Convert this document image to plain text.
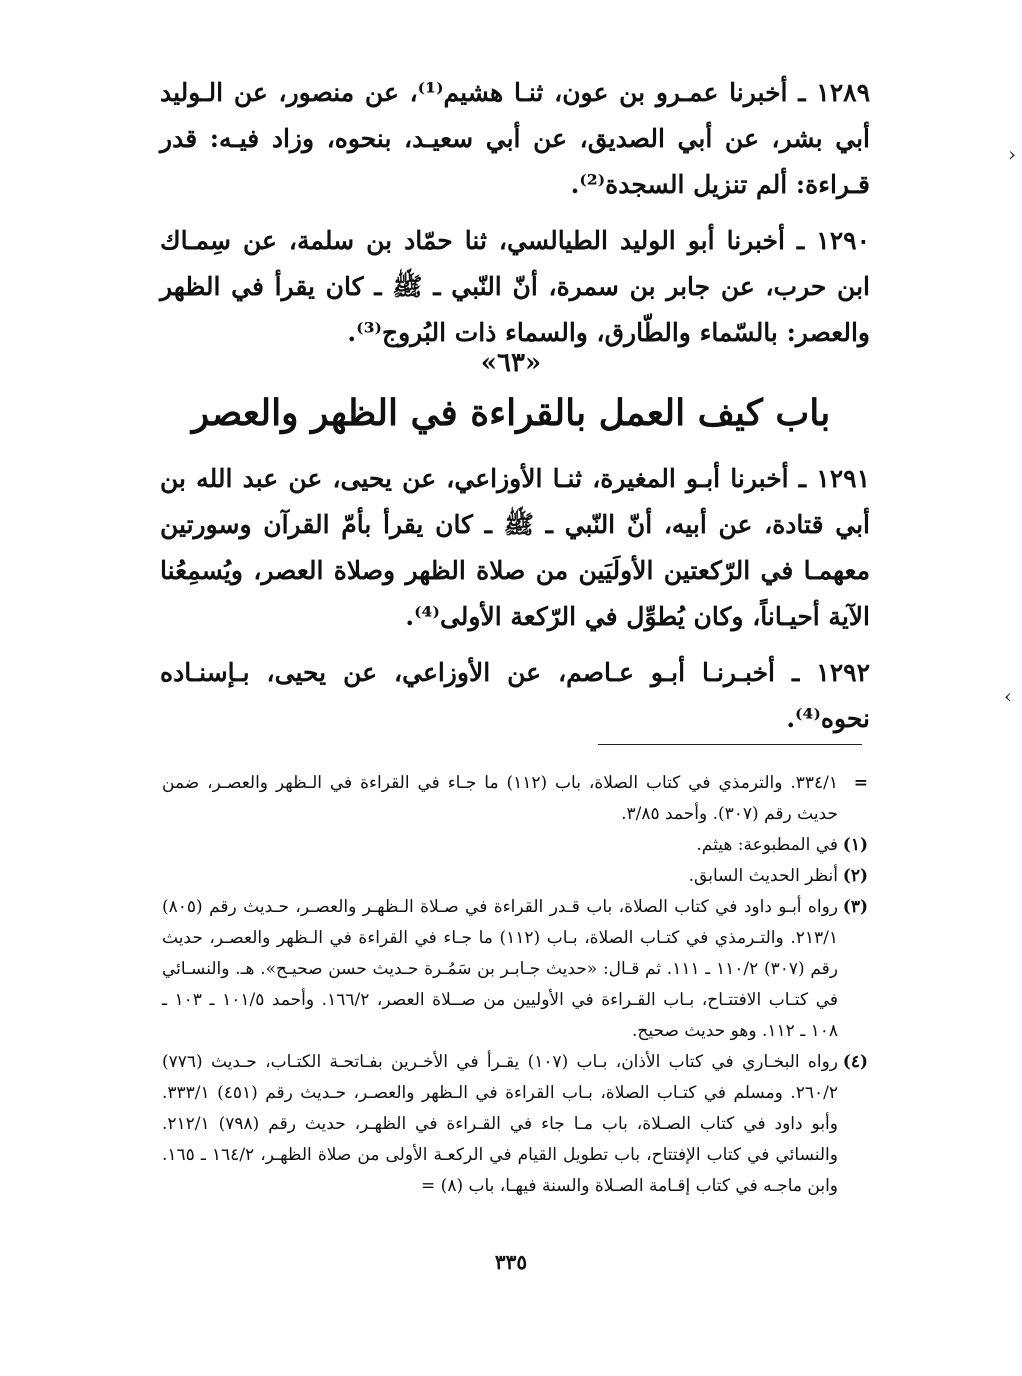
١٢٨٩ ـ أخبرنا عمـرو بن عون، ثنـا هشيم⁽¹⁾، عن منصور، عن الـوليد أبي بشر، عن أبي الصديق، عن أبي سعيـد، بنحوه، وزاد فيـه: قدر قـراءة: ألم تنزيل السجدة⁽²⁾.

١٢٩٠ ـ أخبرنا أبو الوليد الطيالسي، ثنا حمّاد بن سلمة، عن سِمـاك ابن حرب، عن جابر بن سمرة، أنّ النّبي ـ ﷺ ـ كان يقرأ في الظهر والعصر: بالسّماء والطّارق، والسماء ذات البُروج⁽³⁾.

«٦٣»
باب كيف العمل بالقراءة في الظهر والعصر

١٢٩١ ـ أخبرنا أبـو المغيرة، ثنـا الأوزاعي، عن يحيى، عن عبد الله بن أبي قتادة، عن أبيه، أنّ النّبي ـ ﷺ ـ كان يقرأ بأمّ القرآن وسورتين معهمـا في الرّكعتين الأولَيَين من صلاة الظهر وصلاة العصر، ويُسمِعُنا الآية أحيـاناً، وكان يُطوِّل في الرّكعة الأولى⁽⁴⁾.

١٢٩٢ ـ أخبـرنـا أبـو عـاصم، عن الأوزاعي، عن يحيى، بـإسنـاده نحوه⁽⁴⁾.

=
٣٣٤/١. والترمذي في كتاب الصلاة، باب (١١٢) ما جـاء في القراءة في الـظهر والعصـر، ضمن حديث رقم (٣٠٧). وأحمد ٣/٨٥.
(١)
في المطبوعة: هيثم.
(٢)
أنظر الحديث السابق.
(٣)
رواه أبـو داود في كتاب الصلاة، باب قـدر القراءة في صـلاة الـظهـر والعصـر، حـديث رقم (٨٠٥) ٢١٣/١. والتـرمذي في كتـاب الصلاة، بـاب (١١٢) ما جـاء في القراءة في الـظهر والعصـر، حديث رقم (٣٠٧) ١١٠/٢ ـ ١١١. ثم قـال: «حديث جـابـر بن سَمُـرة حـديث حسن صحيـح». هـ. والنسـائي في كتـاب الافتتـاح، بـاب القـراءة في الأوليين من صــلاة العصر، ١٦٦/٢. وأحمد ١٠١/٥ ـ ١٠٣ ـ ١٠٨ ـ ١١٢. وهو حديث صحيح.
(٤)
رواه البخـاري في كتاب الأذان، بـاب (١٠٧) يقـرأ في الأخـرين بفـاتحـة الكتـاب، حـديث (٧٧٦) ٢٦٠/٢. ومسلم في كتـاب الصلاة، بـاب القراءة في الـظهر والعصـر، حـديث رقم (٤٥١) ٣٣٣/١. وأبو داود في كتاب الصـلاة، باب مـا جاء في القـراءة في الظهـر، حديث رقم (٧٩٨) ٢١٢/١. والنسائي في كتاب الإفتتاح، باب تطويل القيام في الركعـة الأولى من صلاة الظهـر، ١٦٤/٢ ـ ١٦٥. وابن ماجـه في كتاب إقـامة الصـلاة والسنة فيهـا، باب (٨) =
٣٣٥
›
‹
